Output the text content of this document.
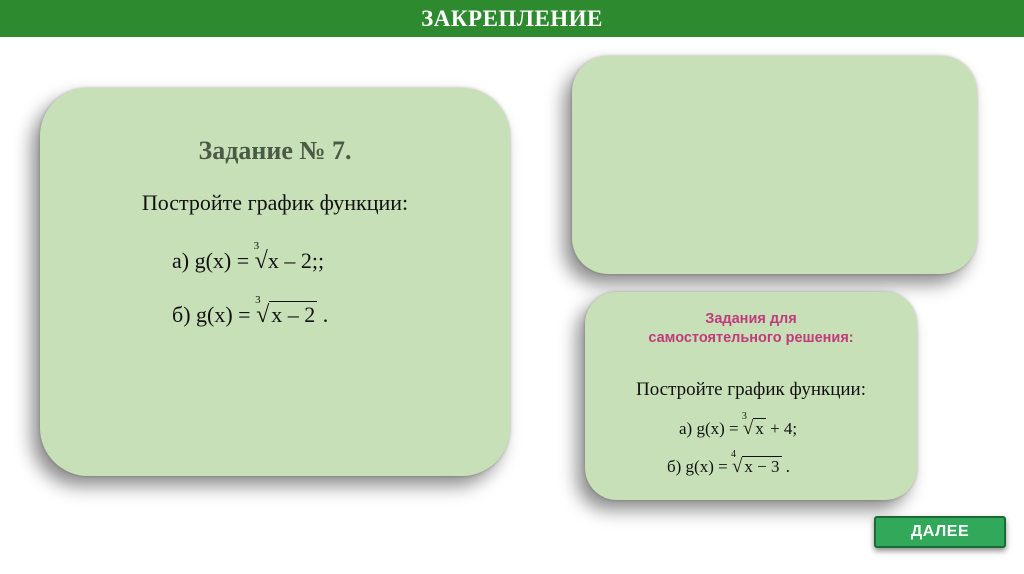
ЗАКРЕПЛЕНИЕ
Задание № 7.
Постройте график функции:
а) g(x) =
3
√x – 2;;
б) g(x) =
3
√x – 2 .	Задания для
самостоятельного решения:
Постройте график функции:
а) g(x) =
3
√ x + 4;
б) g(x) =
4
√ x − 3 .
ДАЛЕЕ
